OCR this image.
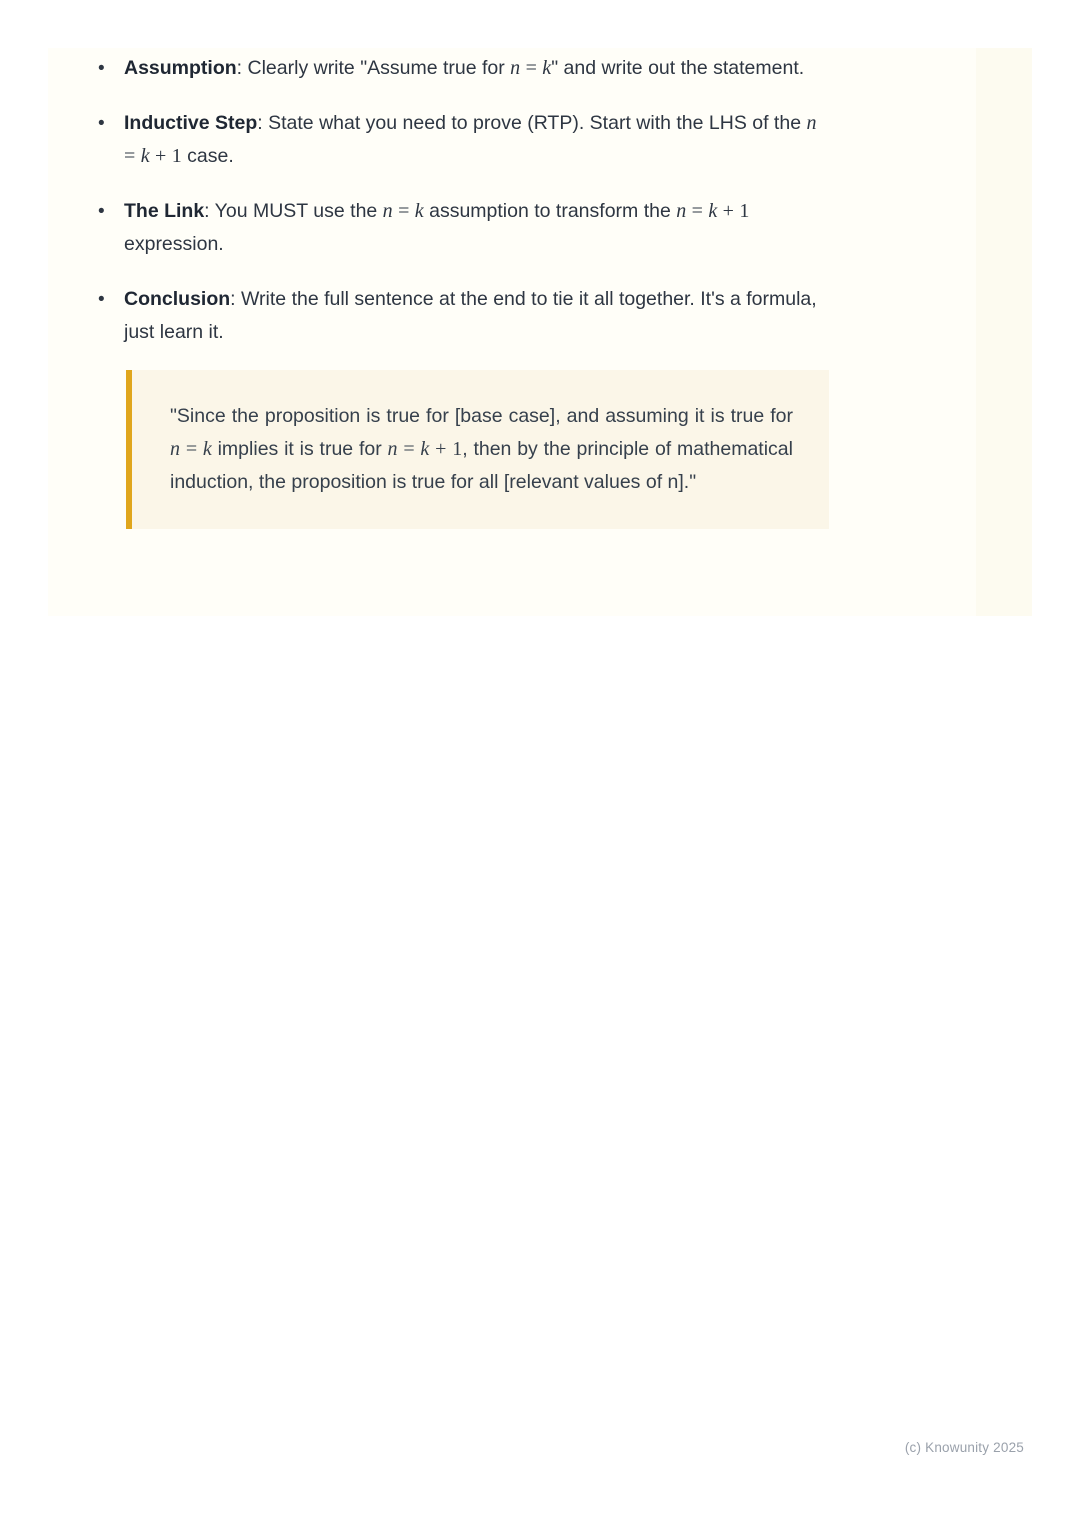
• Assumption: Clearly write "Assume true for n = k" and write out the statement.
• Inductive Step: State what you need to prove (RTP). Start with the LHS of the n = k + 1 case.
• The Link: You MUST use the n = k assumption to transform the n = k + 1 expression.
• Conclusion: Write the full sentence at the end to tie it all together. It's a formula, just learn it.

"Since the proposition is true for [base case], and assuming it is true for n = k implies it is true for n = k + 1, then by the principle of mathematical induction, the proposition is true for all [relevant values of n]."

(c) Knowunity 2025
